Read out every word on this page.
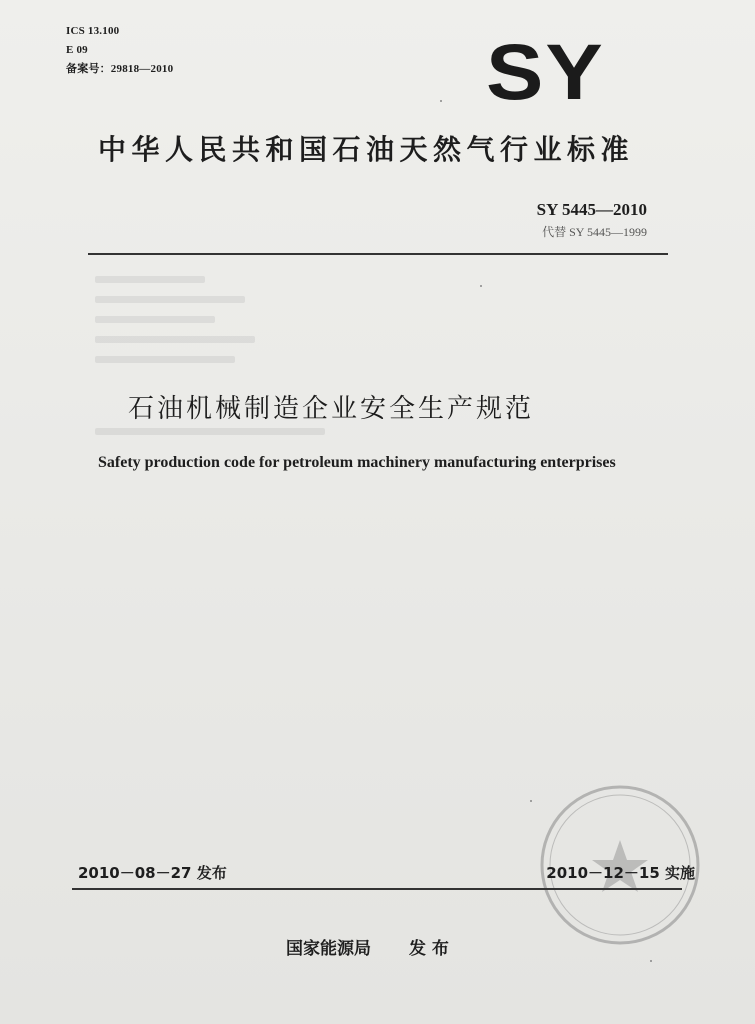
ICS 13.100
E 09
备案号：29818—2010	SY
中华人民共和国石油天然气行业标准
SY 5445—2010
代替 SY 5445—1999
石油机械制造企业安全生产规范
Safety production code for petroleum machinery manufacturing enterprises
2010－08－27 发布	2010－12－15 实施
国家能源局 发 布
